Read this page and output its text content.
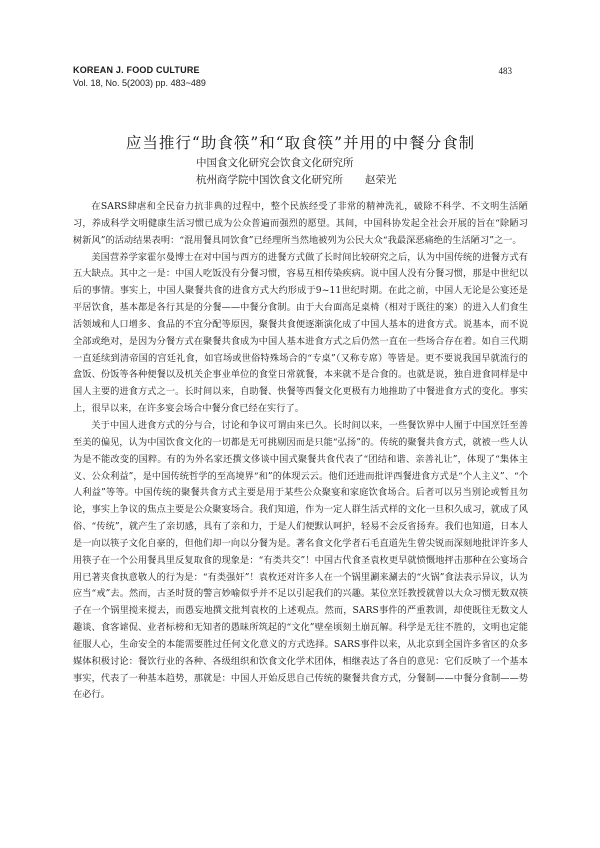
KOREAN J. FOOD CULTURE
Vol. 18, No. 5(2003) pp. 483~489
483
应当推行“助食筷”和“取食筷”并用的中餐分食制
中国食文化研究会饮食文化研究所
杭州商学院中国饮食文化研究所 赵荣光

在SARS肆虐和全民奋力抗非典的过程中，整个民族经受了非常的精神洗礼，破除不科学、不文明生活陋习，养成科学文明健康生活习惯已成为公众普遍而强烈的愿望。其间，中国科协发起全社会开展的旨在“除陋习树新风”的活动结果表明：“混用餐具同饮食”已经理所当然地被列为公民大众“我最深恶痛绝的生活陋习”之一。

美国营养学家霍尔曼博士在对中国与西方的进餐方式做了长时间比较研究之后，认为中国传统的进餐方式有五大缺点。其中之一是：中国人吃饭没有分餐习惯，容易互相传染疾病。说中国人没有分餐习惯，那是中世纪以后的事情。事实上，中国人聚餐共食的进食方式大约形成于9~11世纪时期。在此之前，中国人无论是公宴还是平居饮食，基本都是各行其是的分餐——中餐分食制。由于大台面高足桌椅（相对于既往的案）的进入人们食生活领域和人口增多、食品的不宜分配等原因，聚餐共食便逐渐演化成了中国人基本的进食方式。说基本，而不说全部或绝对，是因为分餐方式在聚餐共食成为中国人基本进食方式之后仍然一直在一些场合存在着。如自三代期一直延续到清帝国的宫廷礼食，如官场或世俗特殊场合的“专桌”（又称专席）等皆是。更不要说我国早就流行的盒饭、份饭等各种便餐以及机关企事业单位的食堂日常就餐，本来就不是合食的。也就是说，独自进食同样是中国人主要的进食方式之一。长时间以来，自助餐、快餐等西餐文化更极有力地推助了中餐进食方式的变化。事实上，很早以来，在许多宴会场合中餐分食已经在实行了。

关于中国人进食方式的分与合，讨论和争议可谓由来已久。长时间以来，一些餐饮界中人囿于中国烹饪至善至美的偏见，认为中国饮食文化的一切都是无可挑剔因而是只能“弘扬”的。传统的聚餐共食方式，就被一些人认为是不能改变的国粹。有的为外名家还撰文侈谈中国式聚餐共食代表了“团结和谐、亲善礼让”，体现了“集体主义、公众利益”，是中国传统哲学的至高境界“和”的体现云云。他们还进而批评西餐进食方式是“个人主义”、“个人利益”等等。中国传统的聚餐共食方式主要是用于某些公众聚宴和家庭饮食场合。后者可以另当别论或暂且勿论，事实上争议的焦点主要是公众聚宴场合。我们知道，作为一定人群生活式样的文化一旦积久成习，就成了风俗、“传统”，就产生了亲切感，具有了亲和力，于是人们便默认呵护，轻易不会反省扬弃。我们也知道，日本人是一向以筷子文化自豪的，但他们却一向以分餐为是。著名食文化学者石毛直道先生曾尖锐而深刻地批评许多人用筷子在一个公用餐具里反复取食的现象是：“有类共交”！中国古代食圣袁枚更早就愤慨地抨击那种在公宴场合用已著夹食执意敬人的行为是：“有类强奸”！袁枚还对许多人在一个锅里涮来涮去的“火锅”食法表示异议，认为应当“戒”去。然而，古圣时贤的警言妙喻似乎并不足以引起我们的兴趣。某位烹饪教授就曾以大众习惯无数双筷子在一个锅里搅来搅去，而愚妄地撰文批判袁枚的上述观点。然而，SARS事件的严重教训，却使既往无数文人趣谈、食客谑侃、业者标榜和无知者的愚昧所筑起的“文化”壁垒顷刻土崩瓦解。科学是无往不胜的，文明也定能征服人心，生命安全的本能需要胜过任何文化意义的方式选择。SARS事件以来，从北京到全国许多省区的众多媒体积极讨论：餐饮行业的各种、各级组织和饮食文化学术团体，相继表达了各自的意见：它们反映了一个基本事实，代表了一种基本趋势，那就是：中国人开始反思自己传统的聚餐共食方式，分餐制——中餐分食制——势在必行。
